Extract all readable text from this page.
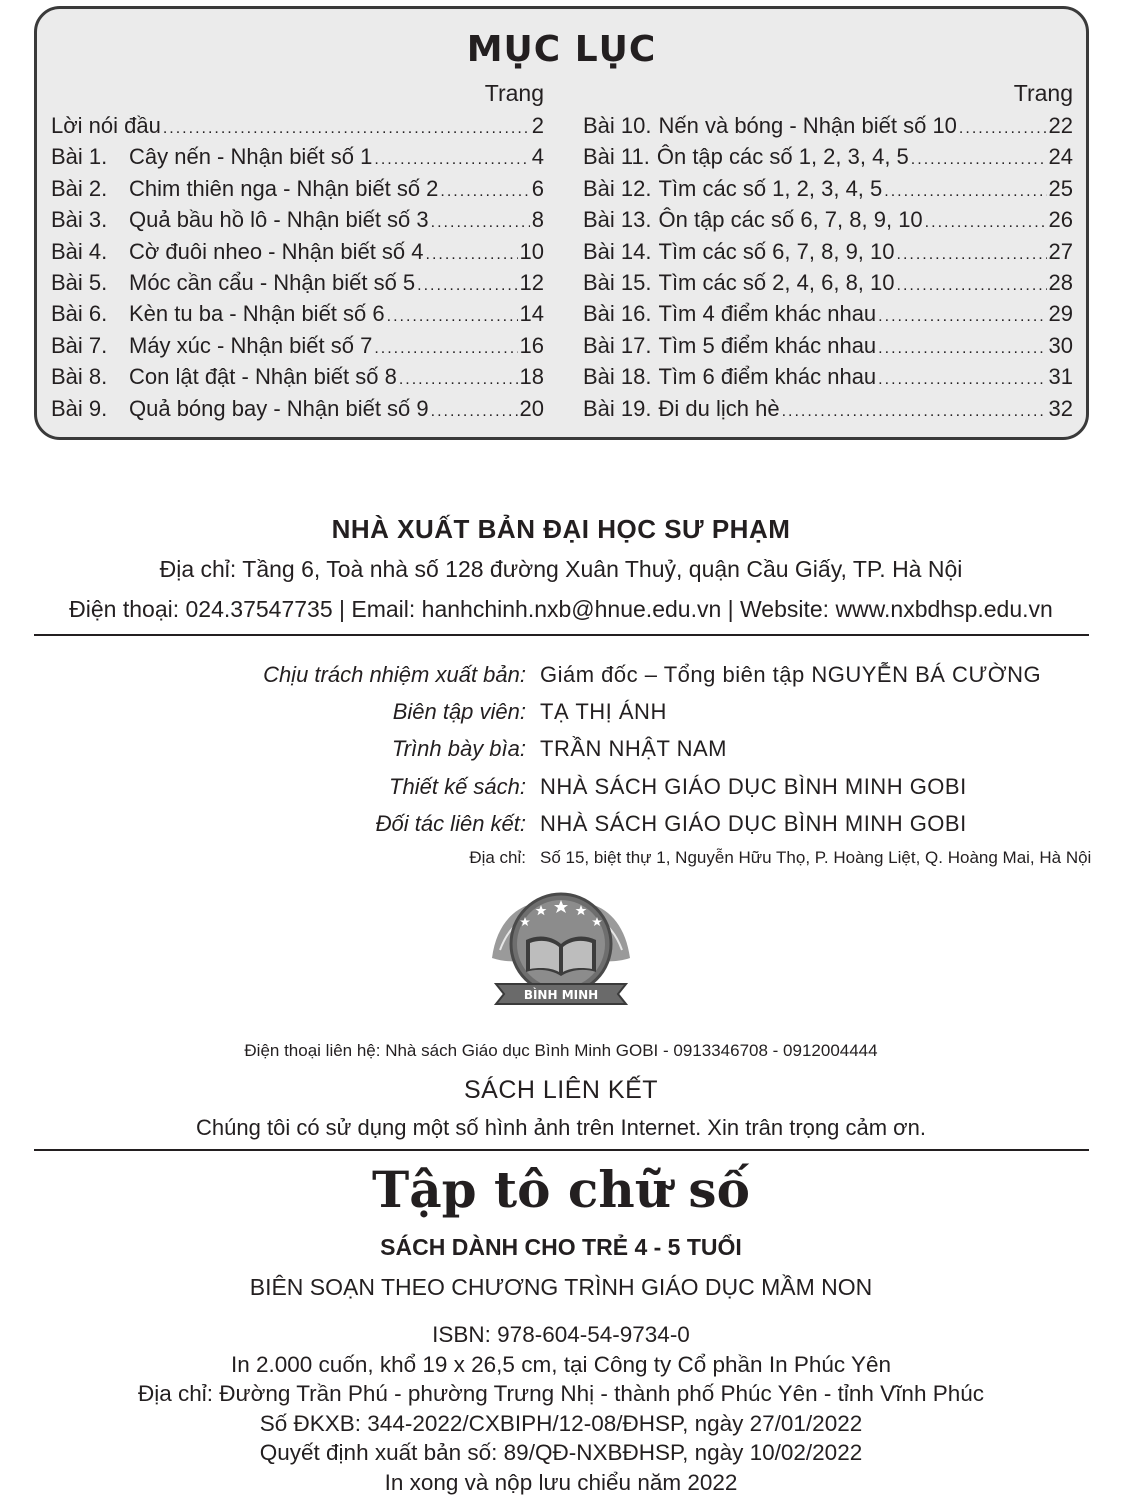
MỤC LỤC
Trang
Lời nói đầu .....	2
Bài 1. Cây nến - Nhận biết số 1 .....	4
Bài 2. Chim thiên nga - Nhận biết số 2 .....	6
Bài 3. Quả bầu hồ lô - Nhận biết số 3 .....	8
Bài 4. Cờ đuôi nheo - Nhận biết số 4 .....	10
Bài 5. Móc cần cẩu - Nhận biết số 5 .....	12
Bài 6. Kèn tu ba - Nhận biết số 6 .....	14
Bài 7. Máy xúc - Nhận biết số 7 .....	16
Bài 8. Con lật đật - Nhận biết số 8 .....	18
Bài 9. Quả bóng bay - Nhận biết số 9 .....	20
Trang
Bài 10. Nến và bóng - Nhận biết số 10 .....	22
Bài 11. Ôn tập các số 1, 2, 3, 4, 5 .....	24
Bài 12. Tìm các số 1, 2, 3, 4, 5 .....	25
Bài 13. Ôn tập các số 6, 7, 8, 9, 10 .....	26
Bài 14. Tìm các số 6, 7, 8, 9, 10 .....	27
Bài 15. Tìm các số 2, 4, 6, 8, 10 .....	28
Bài 16. Tìm 4 điểm khác nhau .....	29
Bài 17. Tìm 5 điểm khác nhau .....	30
Bài 18. Tìm 6 điểm khác nhau .....	31
Bài 19. Đi du lịch hè .....	32
NHÀ XUẤT BẢN ĐẠI HỌC SƯ PHẠM
Địa chỉ: Tầng 6, Toà nhà số 128 đường Xuân Thuỷ, quận Cầu Giấy, TP. Hà Nội
Điện thoại: 024.37547735 | Email: hanhchinh.nxb@hnue.edu.vn | Website: www.nxbdhsp.edu.vn
Chịu trách nhiệm xuất bản: Giám đốc – Tổng biên tập NGUYỄN BÁ CƯỜNG
Biên tập viên: TẠ THỊ ÁNH
Trình bày bìa: TRẦN NHẬT NAM
Thiết kế sách: NHÀ SÁCH GIÁO DỤC BÌNH MINH GOBI
Đối tác liên kết: NHÀ SÁCH GIÁO DỤC BÌNH MINH GOBI
Địa chỉ: Số 15, biệt thự 1, Nguyễn Hữu Thọ, P. Hoàng Liệt, Q. Hoàng Mai, Hà Nội
BÌNH MINH
Điện thoại liên hệ: Nhà sách Giáo dục Bình Minh GOBI - 0913346708 - 0912004444
SÁCH LIÊN KẾT
Chúng tôi có sử dụng một số hình ảnh trên Internet. Xin trân trọng cảm ơn.
Tập tô chữ số
SÁCH DÀNH CHO TRẺ 4 - 5 TUỔI
BIÊN SOẠN THEO CHƯƠNG TRÌNH GIÁO DỤC MẦM NON
ISBN: 978-604-54-9734-0
In 2.000 cuốn, khổ 19 x 26,5 cm, tại Công ty Cổ phần In Phúc Yên
Địa chỉ: Đường Trần Phú - phường Trưng Nhị - thành phố Phúc Yên - tỉnh Vĩnh Phúc
Số ĐKXB: 344-2022/CXBIPH/12-08/ĐHSP, ngày 27/01/2022
Quyết định xuất bản số: 89/QĐ-NXBĐHSP, ngày 10/02/2022
In xong và nộp lưu chiểu năm 2022
